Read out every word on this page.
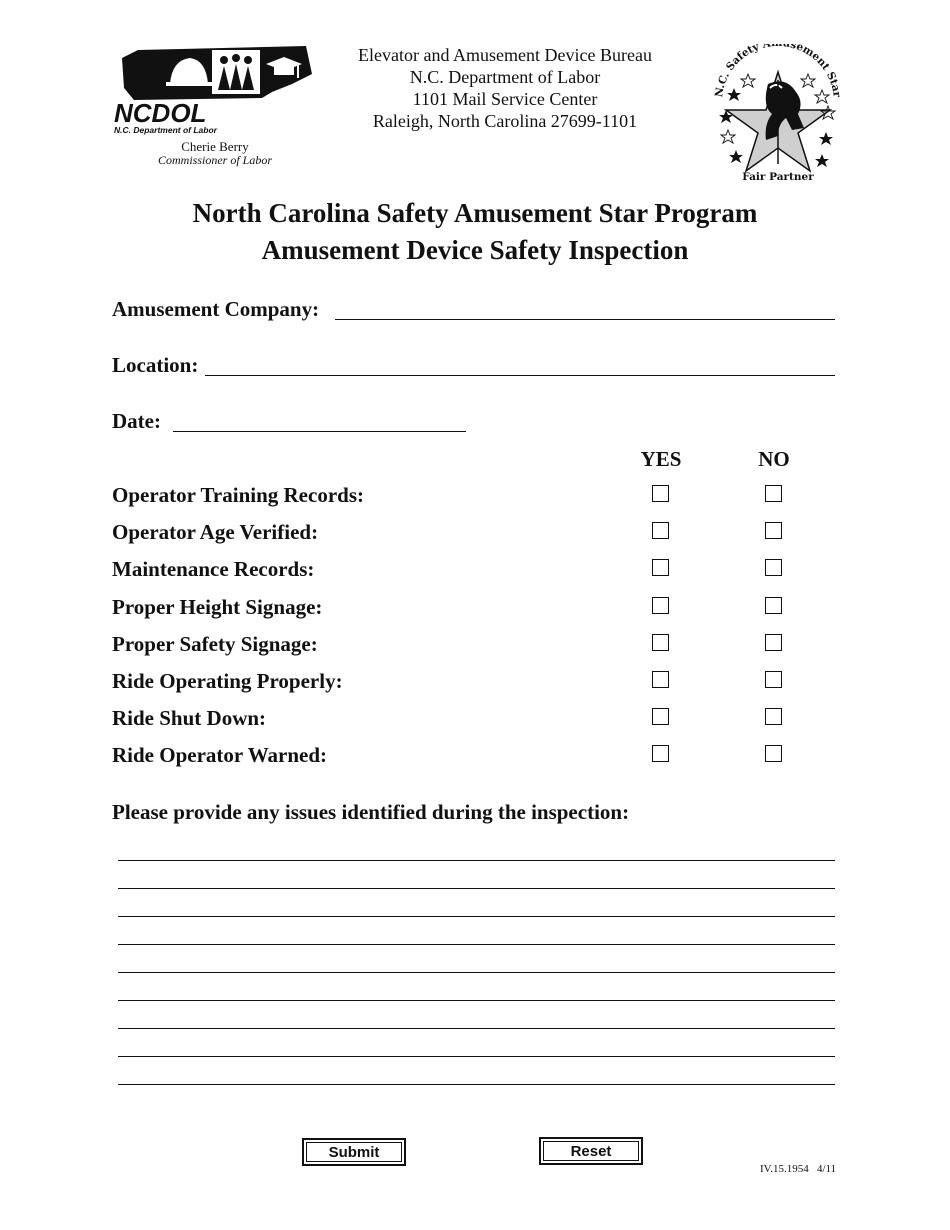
NCDOL
N.C. Department of Labor
Cherie Berry
Commissioner of Labor
Elevator and Amusement Device Bureau
N.C. Department of Labor
1101 Mail Service Center
Raleigh, North Carolina 27699-1101
N.C. Safety A sement Star
Fair Partner
North Carolina Safety Amusement Star Program
Amusement Device Safety Inspection
Amusement Company:
Location:
Date:
YES	NO
Operator Training Records:
Operator Age Verified:
Maintenance Records:
Proper Height Signage:
Proper Safety Signage:
Ride Operating Properly:
Ride Shut Down:
Ride Operator Warned:
Please provide any issues identified during the inspection:
Submit	Reset
IV.15.1954 4/11
